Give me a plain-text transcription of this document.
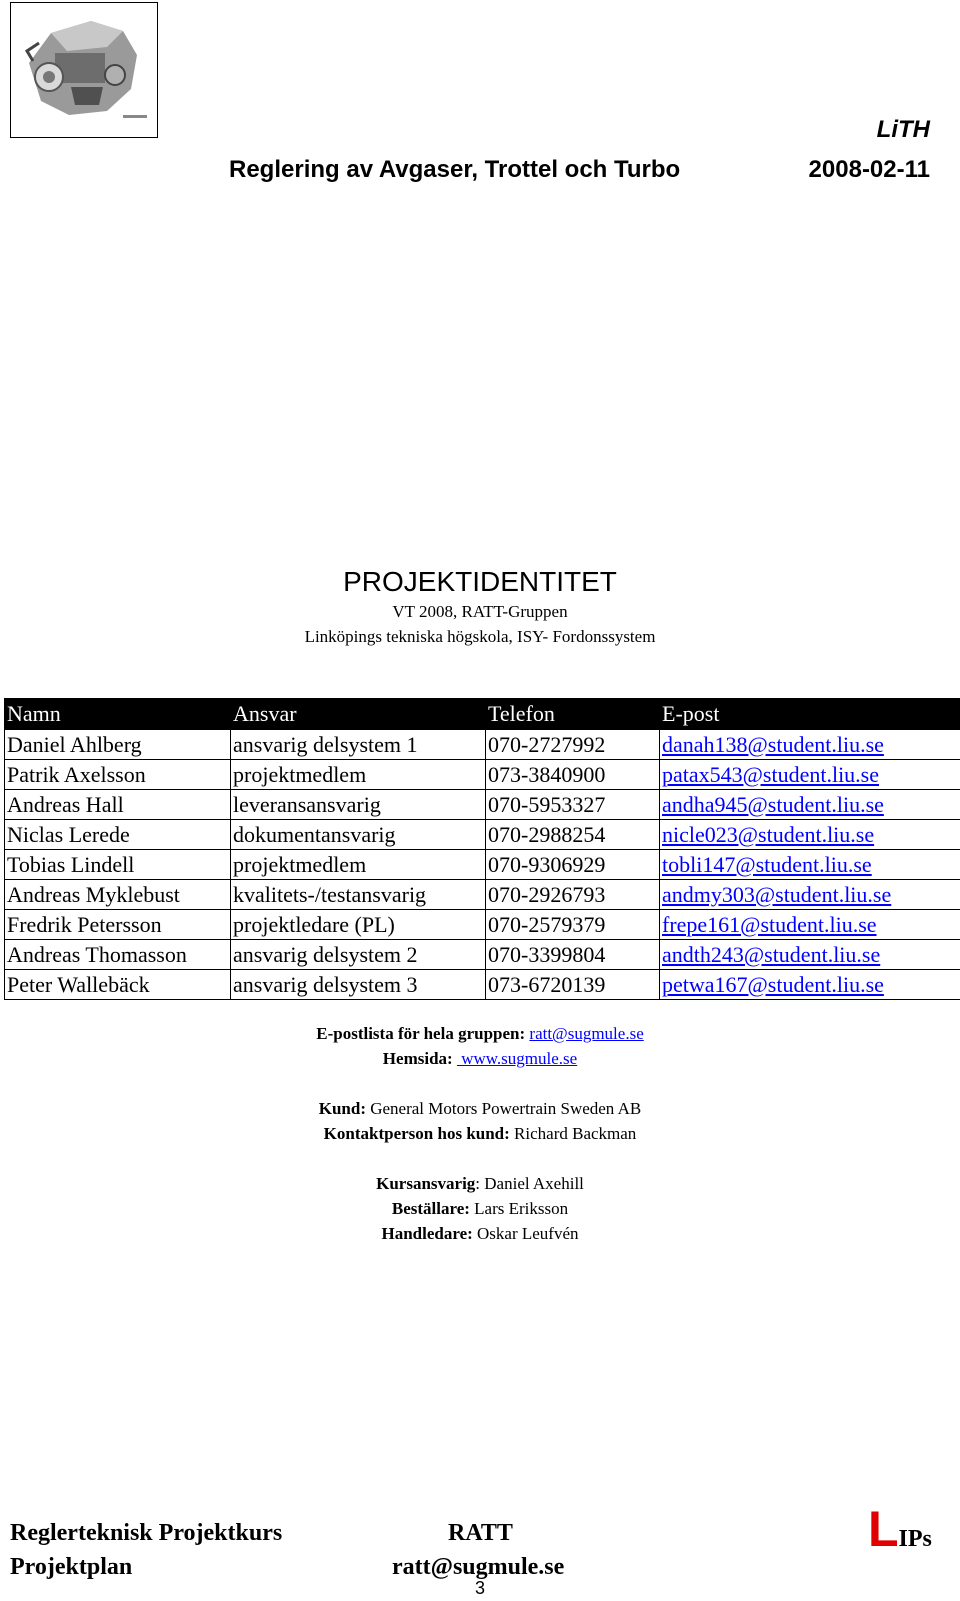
LiTH
Reglering av Avgaser, Trottel och Turbo	2008-02-11
PROJEKTIDENTITET
VT 2008, RATT-Gruppen
Linköpings tekniska högskola, ISY- Fordonssystem
Namn	Ansvar	Telefon	E-post
Daniel Ahlberg	ansvarig delsystem 1	070-2727992	danah138@student.liu.se
Patrik Axelsson	projektmedlem	073-3840900	patax543@student.liu.se
Andreas Hall	leveransansvarig	070-5953327	andha945@student.liu.se
Niclas Lerede	dokumentansvarig	070-2988254	nicle023@student.liu.se
Tobias Lindell	projektmedlem	070-9306929	tobli147@student.liu.se
Andreas Myklebust	kvalitets-/testansvarig	070-2926793	andmy303@student.liu.se
Fredrik Petersson	projektledare (PL)	070-2579379	frepe161@student.liu.se
Andreas Thomasson	ansvarig delsystem 2	070-3399804	andth243@student.liu.se
Peter Wallebäck	ansvarig delsystem 3	073-6720139	petwa167@student.liu.se
E-postlista för hela gruppen: ratt@sugmule.se
Hemsida:  www.sugmule.se
Kund: General Motors Powertrain Sweden AB
Kontaktperson hos kund: Richard Backman
Kursansvarig: Daniel Axehill
Beställare: Lars Eriksson
Handledare: Oskar Leufvén
Reglerteknisk Projektkurs
Projektplan
RATT
ratt@sugmule.se
3
LIPs
